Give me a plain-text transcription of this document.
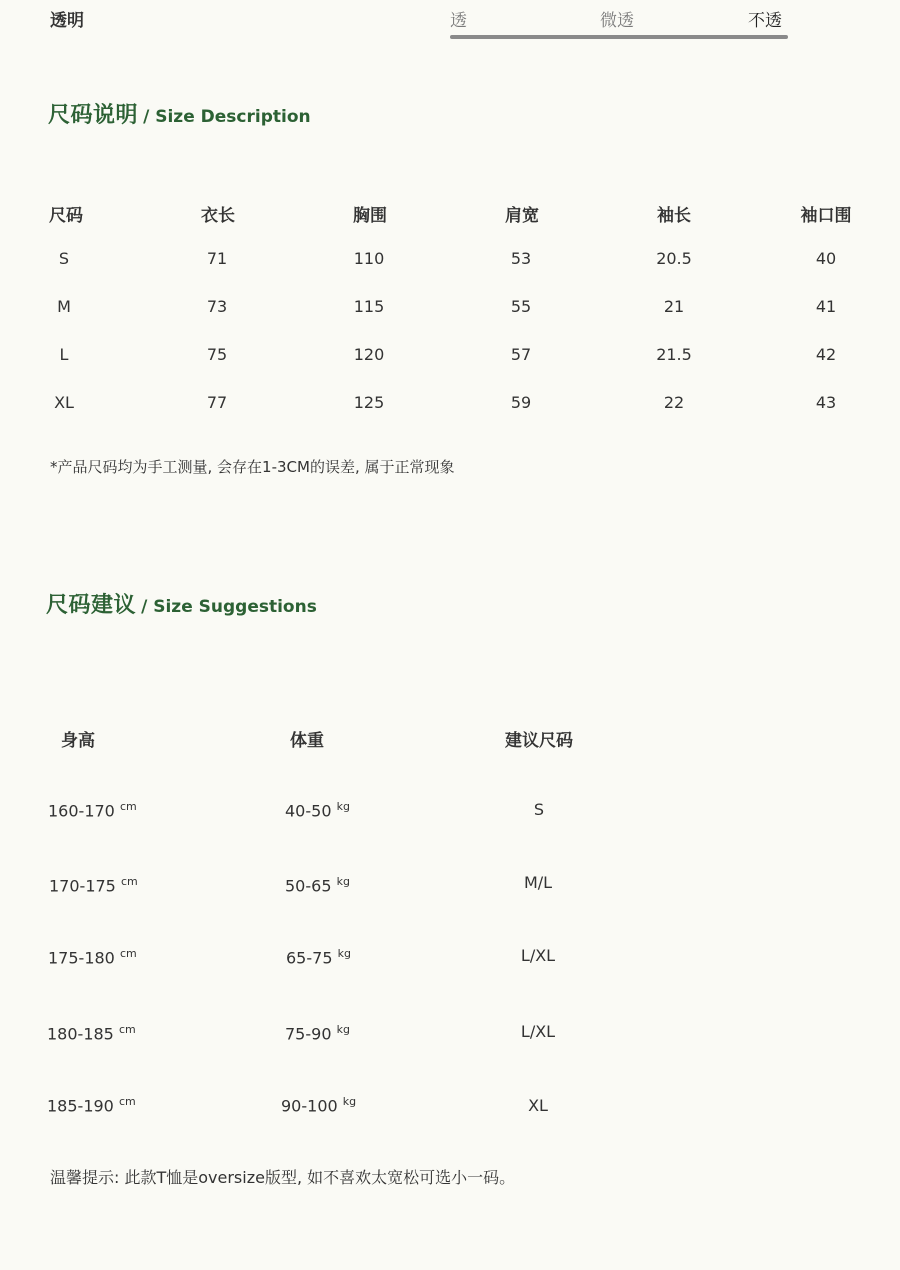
透明	透	微透	不透
尺码说明 / Size Description
尺码	衣长	胸围	肩宽	袖长	袖口围
S	71	110	53	20.5	40
M	73	115	55	21	41
L	75	120	57	21.5	42
XL	77	125	59	22	43
*产品尺码均为手工测量, 会存在1-3CM的误差, 属于正常现象
尺码建议 / Size Suggestions
身高	体重	建议尺码
160-170 $^{cm}$	40-50 $^{kg}$	S
170-175 $^{cm}$	50-65 $^{kg}$	M/L
175-180 $^{cm}$	65-75 $^{kg}$	L/XL
180-185 $^{cm}$	75-90 $^{kg}$	L/XL
185-190 $^{cm}$	90-100 $^{kg}$	XL
温馨提示: 此款T恤是oversize版型, 如不喜欢太宽松可选小一码。
